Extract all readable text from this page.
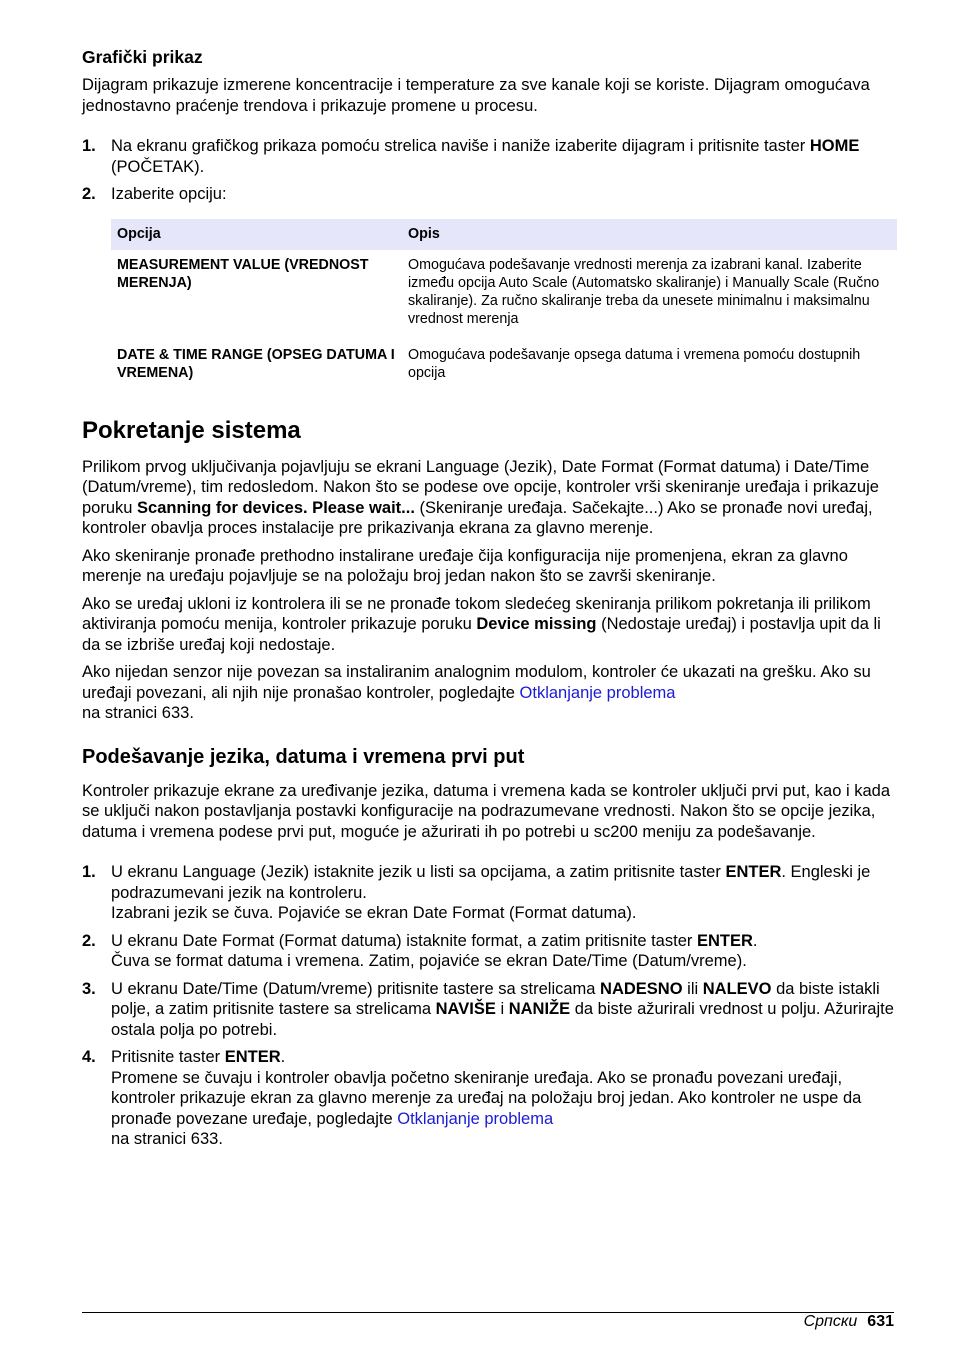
Grafički prikaz

Dijagram prikazuje izmerene koncentracije i temperature za sve kanale koji se koriste. Dijagram omogućava jednostavno praćenje trendova i prikazuje promene u procesu.

1. Na ekranu grafičkog prikaza pomoću strelica naviše i naniže izaberite dijagram i pritisnite taster HOME (POČETAK).
2. Izaberite opciju:
Opcija	Opis
MEASUREMENT VALUE (VREDNOST MERENJA)	Omogućava podešavanje vrednosti merenja za izabrani kanal. Izaberite između opcija Auto Scale (Automatsko skaliranje) i Manually Scale (Ručno skaliranje). Za ručno skaliranje treba da unesete minimalnu i maksimalnu vrednost merenja
DATE & TIME RANGE (OPSEG DATUMA I VREMENA)	Omogućava podešavanje opsega datuma i vremena pomoću dostupnih opcija
Pokretanje sistema

Prilikom prvog uključivanja pojavljuju se ekrani Language (Jezik), Date Format (Format datuma) i Date/Time (Datum/vreme), tim redosledom. Nakon što se podese ove opcije, kontroler vrši skeniranje uređaja i prikazuje poruku Scanning for devices. Please wait... (Skeniranje uređaja. Sačekajte...) Ako se pronađe novi uređaj, kontroler obavlja proces instalacije pre prikazivanja ekrana za glavno merenje.

Ako skeniranje pronađe prethodno instalirane uređaje čija konfiguracija nije promenjena, ekran za glavno merenje na uređaju pojavljuje se na položaju broj jedan nakon što se završi skeniranje.

Ako se uređaj ukloni iz kontrolera ili se ne pronađe tokom sledećeg skeniranja prilikom pokretanja ili prilikom aktiviranja pomoću menija, kontroler prikazuje poruku Device missing (Nedostaje uređaj) i postavlja upit da li da se izbriše uređaj koji nedostaje.

Ako nijedan senzor nije povezan sa instaliranim analognim modulom, kontroler će ukazati na grešku. Ako su uređaji povezani, ali njih nije pronašao kontroler, pogledajte Otklanjanje problema
na stranici 633.

Podešavanje jezika, datuma i vremena prvi put

Kontroler prikazuje ekrane za uređivanje jezika, datuma i vremena kada se kontroler uključi prvi put, kao i kada se uključi nakon postavljanja postavki konfiguracije na podrazumevane vrednosti. Nakon što se opcije jezika, datuma i vremena podese prvi put, moguće je ažurirati ih po potrebi u sc200 meniju za podešavanje.

1. U ekranu Language (Jezik) istaknite jezik u listi sa opcijama, a zatim pritisnite taster ENTER. Engleski je podrazumevani jezik na kontroleru.
Izabrani jezik se čuva. Pojaviće se ekran Date Format (Format datuma).
2. U ekranu Date Format (Format datuma) istaknite format, a zatim pritisnite taster ENTER.
Čuva se format datuma i vremena. Zatim, pojaviće se ekran Date/Time (Datum/vreme).
3. U ekranu Date/Time (Datum/vreme) pritisnite tastere sa strelicama NADESNO ili NALEVO da biste istakli polje, a zatim pritisnite tastere sa strelicama NAVIŠE i NANIŽE da biste ažurirali vrednost u polju. Ažurirajte ostala polja po potrebi.
4. Pritisnite taster ENTER.
Promene se čuvaju i kontroler obavlja početno skeniranje uređaja. Ako se pronađu povezani uređaji, kontroler prikazuje ekran za glavno merenje za uređaj na položaju broj jedan. Ako kontroler ne uspe da pronađe povezane uređaje, pogledajte Otklanjanje problema
na stranici 633.
Српски 631
